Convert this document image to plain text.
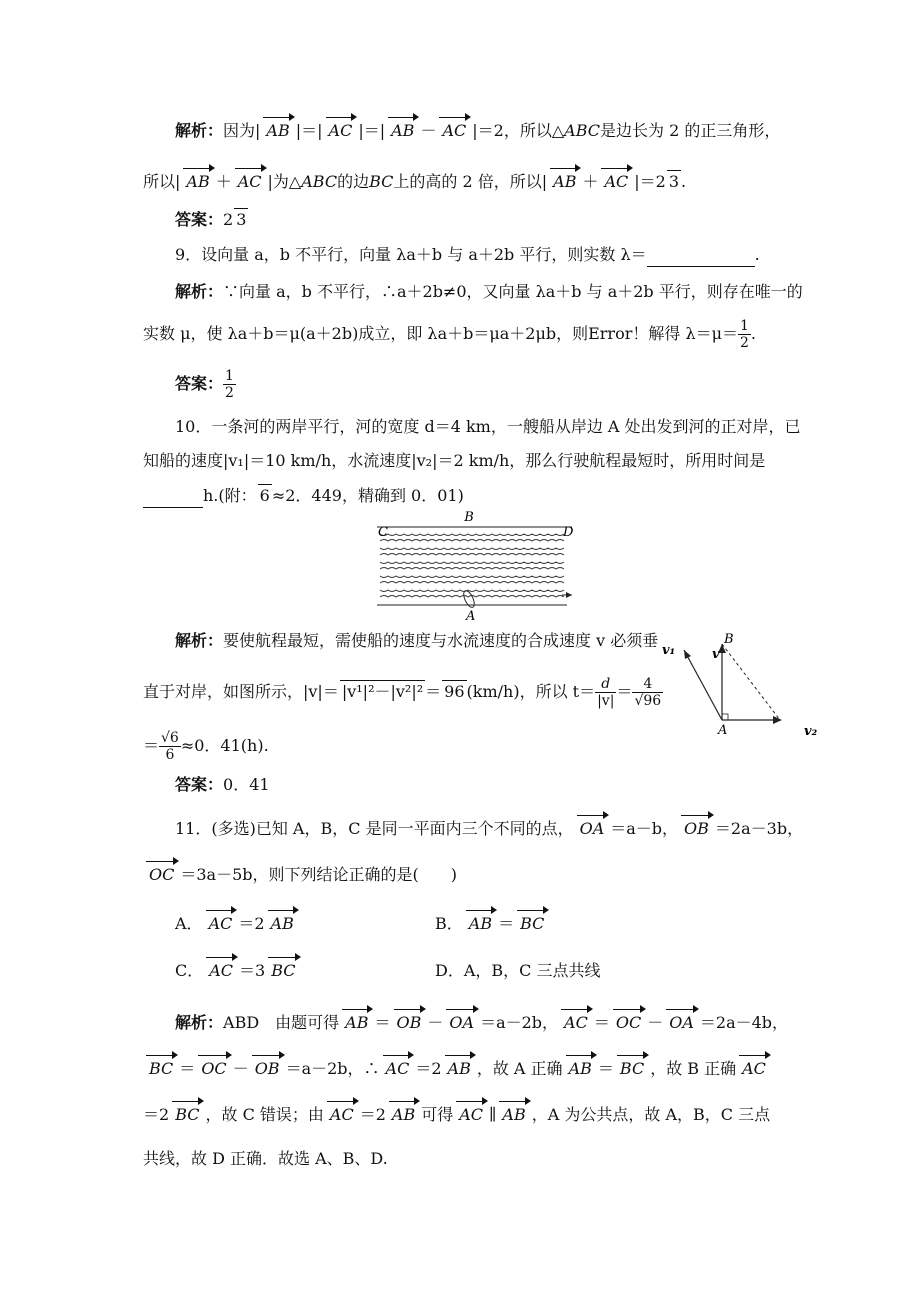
解析：因为| AB |＝| AC |＝| AB － AC |＝2，所以△ABC是边长为 2 的正三角形，
所以| AB ＋ AC |为△ABC的边BC上的高的 2 倍，所以| AB ＋ AC |＝2 3 .
答案：2 3
9．设向量 a，b 不平行，向量 λa＋b 与 a＋2b 平行，则实数 λ＝	.
解析：∵向量 a，b 不平行，∴a＋2b≠0，又向量 λa＋b 与 a＋2b 平行，则存在唯一的
实数 μ，使 λa＋b＝μ(a＋2b)成立，即 λa＋b＝μa＋2μb，则Error！解得 $\lambda=\mu= \frac{1}{2}$ .
答案： $\frac{1}{2}$
10．一条河的两岸平行，河的宽度 d＝4 km，一艘船从岸边 A 处出发到河的正对岸，已
知船的速度|v₁|＝10 km/h，水流速度|v₂|＝2 km/h，那么行驶航程最短时，所用时间是
h.(附： 6 ≈2．449，精确到 0．01)
B
C	D
A
解析：要使航程最短，需使船的速度与水流速度的合成速度 v 必须垂
直于对岸，如图所示，|v|＝ |v¹|²－|v²|² ＝ 96 (km/h)，所以 $t= \frac{d}{|v|} = \frac{4}{√96}$
＝ $\frac{√6}{6} \approx 0$．41(h).
v₁
B
v
A	v₂
答案：0．41
11．(多选)已知 A，B，C 是同一平面内三个不同的点， OA ＝a－b， OB ＝2a－3b，
OC ＝3a－5b，则下列结论正确的是(　　)
A． AC ＝2 AB	B． AB ＝ BC
C． AC ＝3 BC	D．A，B，C 三点共线
解析：ABD　由题可得 AB ＝ OB － OA ＝a－2b， AC ＝ OC － OA ＝2a－4b，
BC ＝ OC － OB ＝a－2b，∴ AC ＝2 AB ，故 A 正确 AB ＝ BC ，故 B 正确 AC
＝2 BC ，故 C 错误；由 AC ＝2 AB 可得 AC ∥ AB ，A 为公共点，故 A，B，C 三点
共线，故 D 正确．故选 A、B、D.
